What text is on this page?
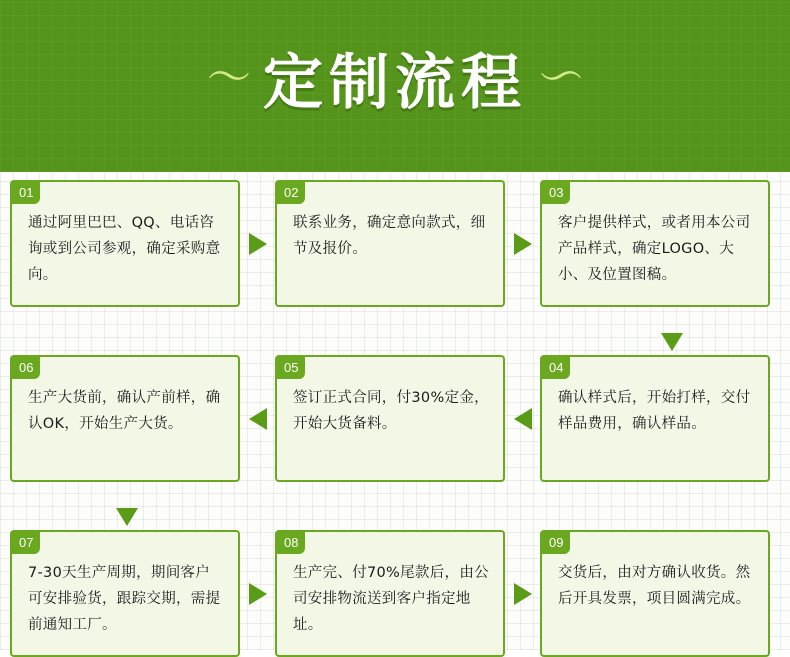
〜 定制流程 〜
01
通过阿里巴巴、QQ、电话咨询或到公司参观，确定采购意向。
02
联系业务，确定意向款式，细节及报价。
03
客户提供样式，或者用本公司产品样式，确定LOGO、大小、及位置图稿。
06
生产大货前，确认产前样，确认OK，开始生产大货。
05
签订正式合同，付30%定金，开始大货备料。
04
确认样式后，开始打样，交付样品费用，确认样品。
07
7-30天生产周期，期间客户可安排验货，跟踪交期，需提前通知工厂。
08
生产完、付70%尾款后，由公司安排物流送到客户指定地址。
09
交货后，由对方确认收货。然后开具发票，项目圆满完成。
